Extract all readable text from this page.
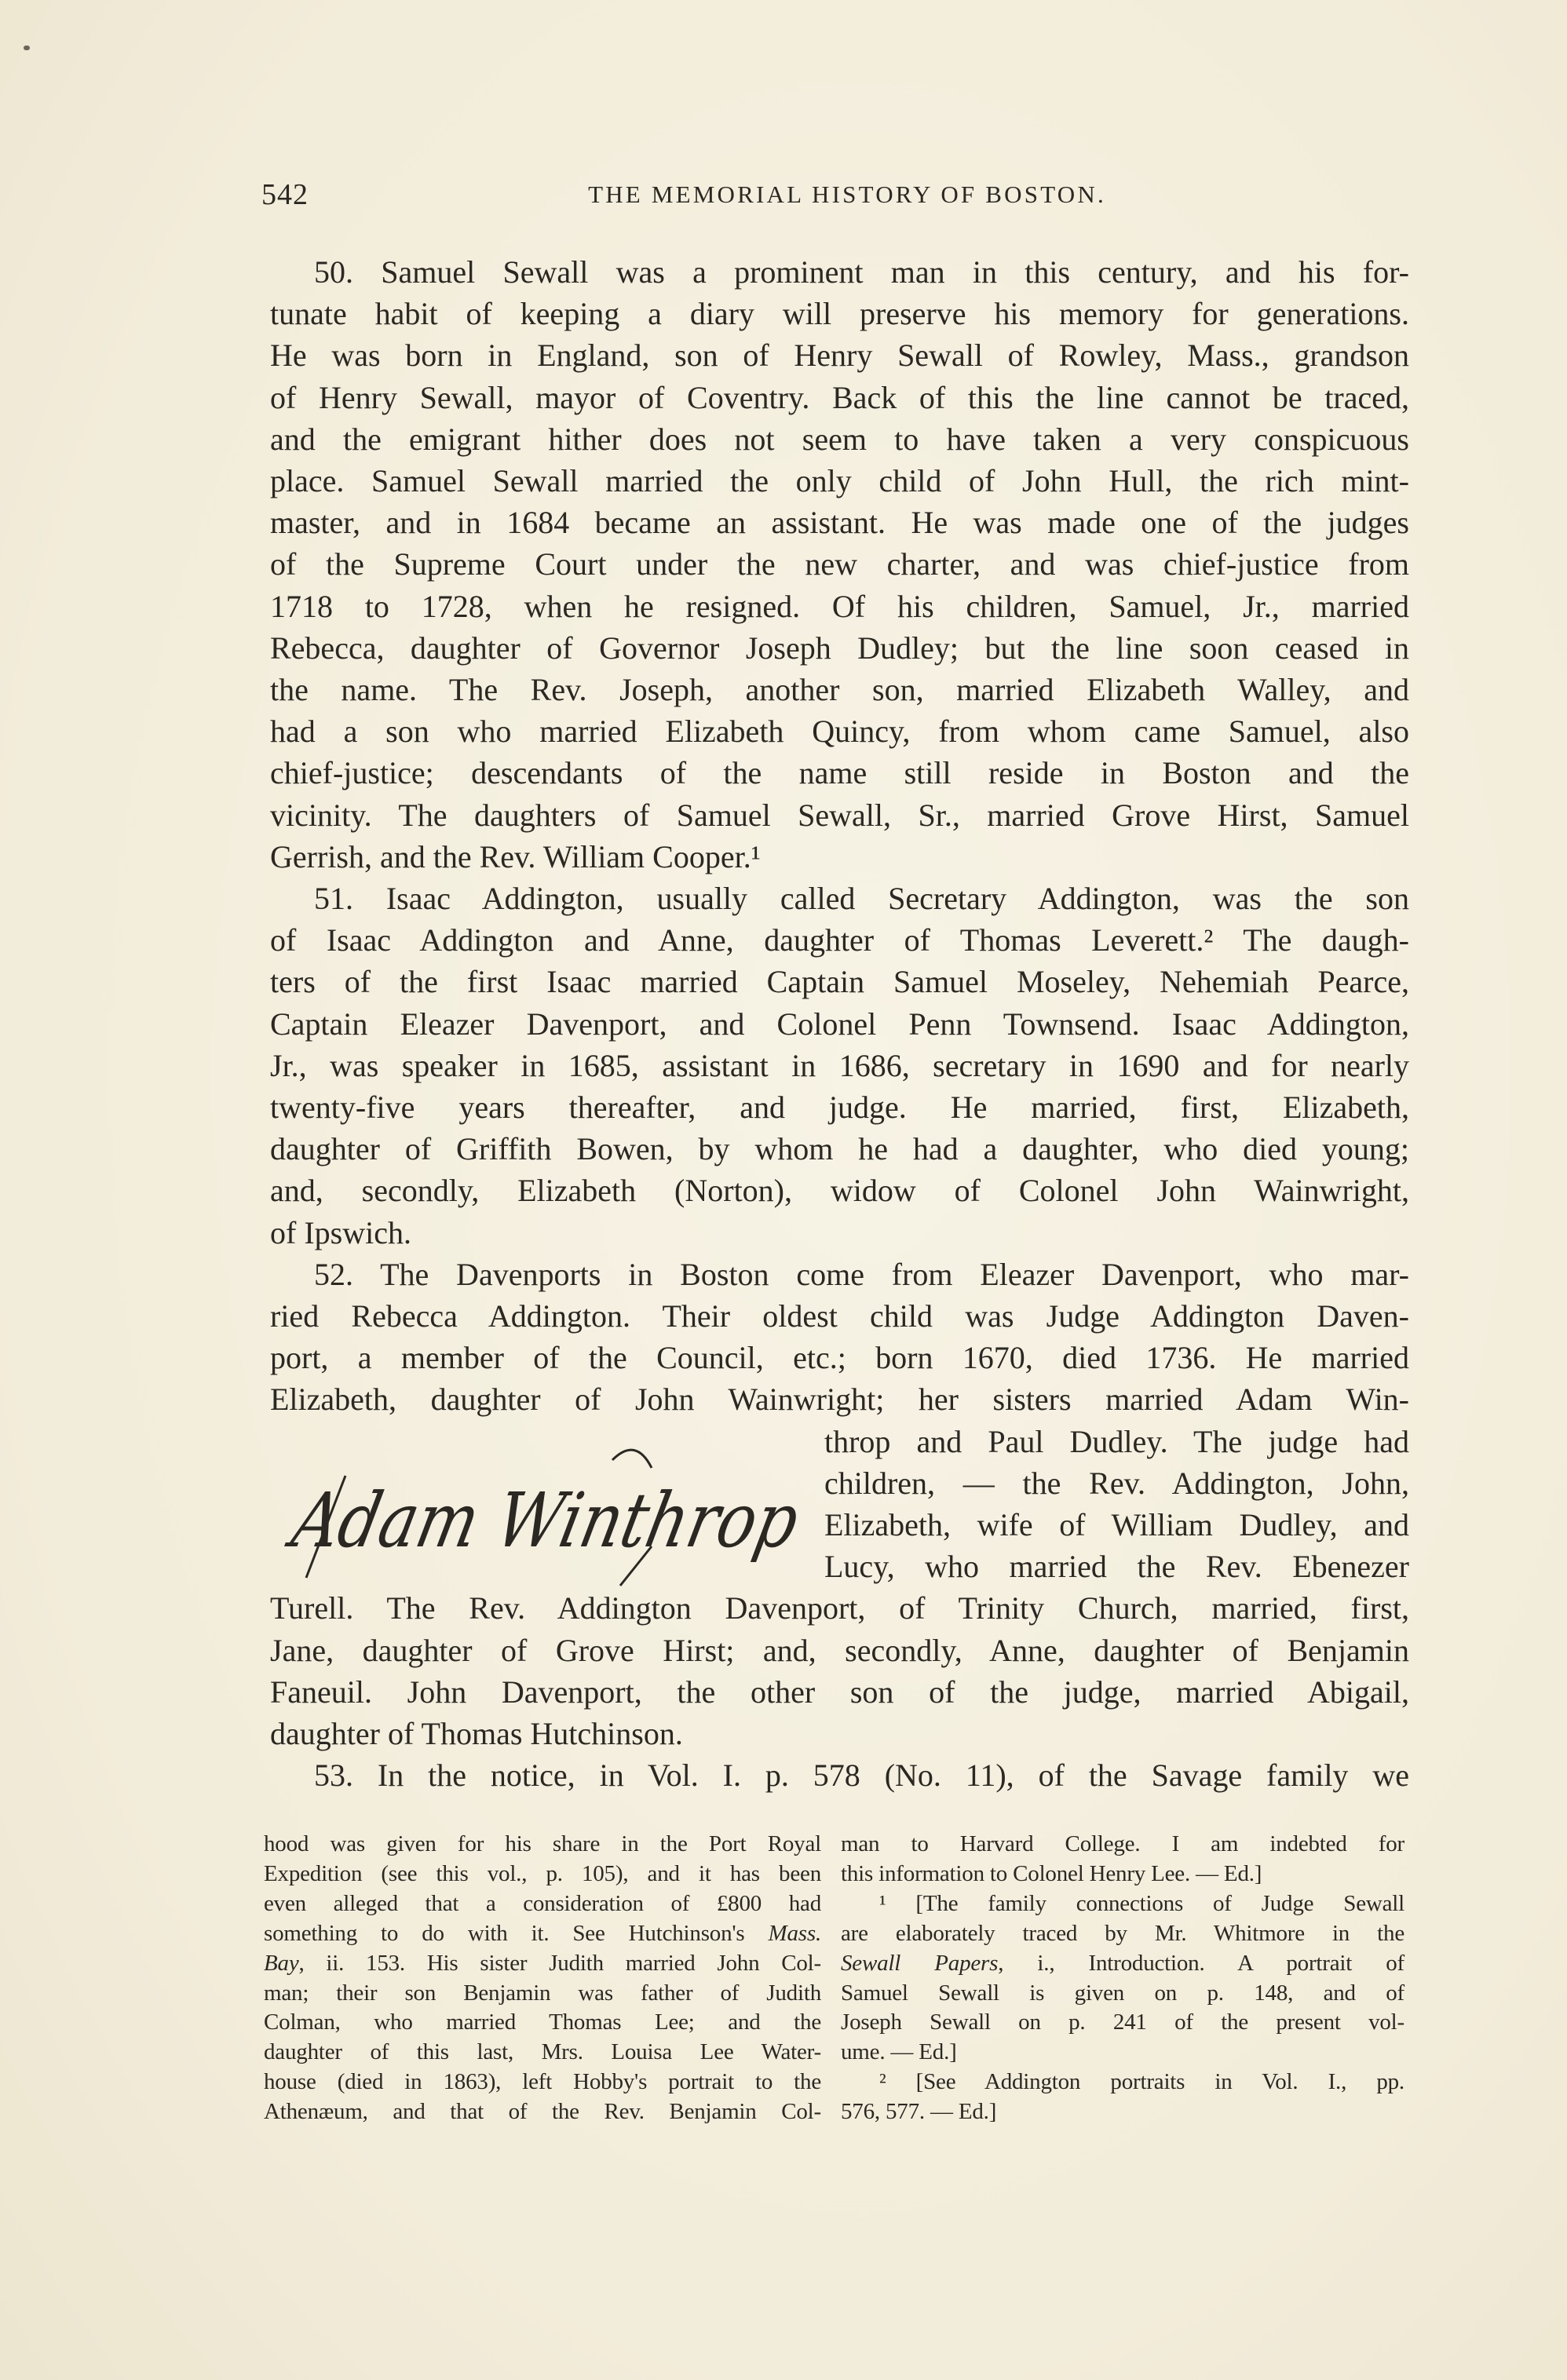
542	THE MEMORIAL HISTORY OF BOSTON.
50. Samuel Sewall was a prominent man in this century, and his for-
tunate habit of keeping a diary will preserve his memory for generations.
He was born in England, son of Henry Sewall of Rowley, Mass., grandson
of Henry Sewall, mayor of Coventry. Back of this the line cannot be traced,
and the emigrant hither does not seem to have taken a very conspicuous
place. Samuel Sewall married the only child of John Hull, the rich mint-
master, and in 1684 became an assistant. He was made one of the judges
of the Supreme Court under the new charter, and was chief-justice from
1718 to 1728, when he resigned. Of his children, Samuel, Jr., married
Rebecca, daughter of Governor Joseph Dudley; but the line soon ceased in
the name. The Rev. Joseph, another son, married Elizabeth Walley, and
had a son who married Elizabeth Quincy, from whom came Samuel, also
chief-justice; descendants of the name still reside in Boston and the
vicinity. The daughters of Samuel Sewall, Sr., married Grove Hirst, Samuel
Gerrish, and the Rev. William Cooper.¹
51. Isaac Addington, usually called Secretary Addington, was the son
of Isaac Addington and Anne, daughter of Thomas Leverett.² The daugh-
ters of the first Isaac married Captain Samuel Moseley, Nehemiah Pearce,
Captain Eleazer Davenport, and Colonel Penn Townsend. Isaac Addington,
Jr., was speaker in 1685, assistant in 1686, secretary in 1690 and for nearly
twenty-five years thereafter, and judge. He married, first, Elizabeth,
daughter of Griffith Bowen, by whom he had a daughter, who died young;
and, secondly, Elizabeth (Norton), widow of Colonel John Wainwright,
of Ipswich.
52. The Davenports in Boston come from Eleazer Davenport, who mar-
ried Rebecca Addington. Their oldest child was Judge Addington Daven-
port, a member of the Council, etc.; born 1670, died 1736. He married
Elizabeth, daughter of John Wainwright; her sisters married Adam Win-
throp and Paul Dudley. The judge had
children, — the Rev. Addington, John,
Elizabeth, wife of William Dudley, and
Lucy, who married the Rev. Ebenezer
Turell. The Rev. Addington Davenport, of Trinity Church, married, first,
Jane, daughter of Grove Hirst; and, secondly, Anne, daughter of Benjamin
Faneuil. John Davenport, the other son of the judge, married Abigail,
daughter of Thomas Hutchinson.
53. In the notice, in Vol. I. p. 578 (No. 11), of the Savage family we
Adam Winthrop
hood was given for his share in the Port Royal
Expedition (see this vol., p. 105), and it has been
even alleged that a consideration of £800 had
something to do with it. See Hutchinson's Mass.
Bay, ii. 153. His sister Judith married John Col-
man; their son Benjamin was father of Judith
Colman, who married Thomas Lee; and the
daughter of this last, Mrs. Louisa Lee Water-
house (died in 1863), left Hobby's portrait to the
Athenæum, and that of the Rev. Benjamin Col-
man to Harvard College. I am indebted for
this information to Colonel Henry Lee. — Ed.]
¹ [The family connections of Judge Sewall
are elaborately traced by Mr. Whitmore in the
Sewall Papers, i., Introduction. A portrait of
Samuel Sewall is given on p. 148, and of
Joseph Sewall on p. 241 of the present vol-
ume. — Ed.]
² [See Addington portraits in Vol. I., pp.
576, 577. — Ed.]
